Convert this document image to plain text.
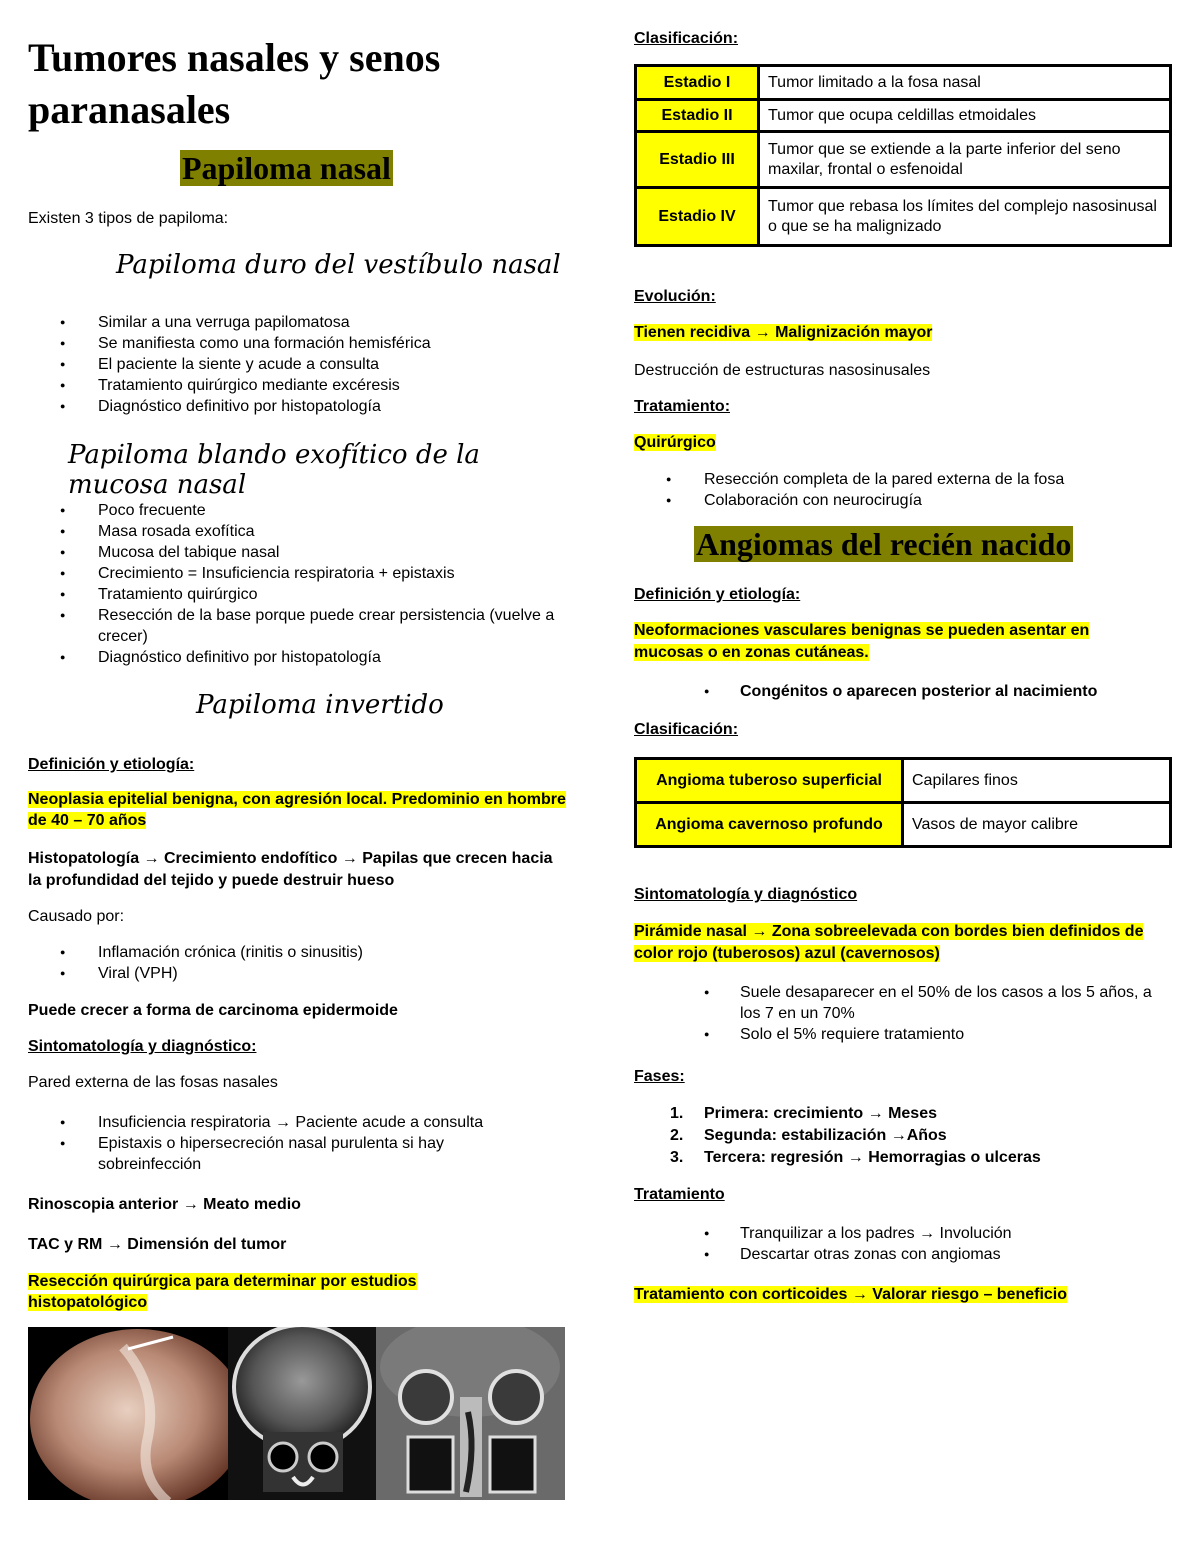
Tumores nasales y senos
paranasales
Papiloma nasal
Existen 3 tipos de papiloma:
Papiloma duro del vestíbulo nasal
● Similar a una verruga papilomatosa
● Se manifiesta como una formación hemisférica
● El paciente la siente y acude a consulta
● Tratamiento quirúrgico mediante excéresis
● Diagnóstico definitivo por histopatología
Papiloma blando exofítico de la mucosa nasal
● Poco frecuente
● Masa rosada exofítica
● Mucosa del tabique nasal
● Crecimiento = Insuficiencia respiratoria + epistaxis
● Tratamiento quirúrgico
● Resección de la base porque puede crear persistencia (vuelve a crecer)
● Diagnóstico definitivo por histopatología
Papiloma invertido
Definición y etiología:
Neoplasia epitelial benigna, con agresión local. Predominio en hombre de 40 – 70 años
Histopatología → Crecimiento endofítico → Papilas que crecen hacia la profundidad del tejido y puede destruir hueso
Causado por:
● Inflamación crónica (rinitis o sinusitis)
● Viral (VPH)
Puede crecer a forma de carcinoma epidermoide
Sintomatología y diagnóstico:
Pared externa de las fosas nasales
● Insuficiencia respiratoria → Paciente acude a consulta
● Epistaxis o hipersecreción nasal purulenta si hay sobreinfección
Rinoscopia anterior → Meato medio
TAC y RM → Dimensión del tumor
Resección quirúrgica para determinar por estudios histopatológico
Clasificación:
Estadio I	Tumor limitado a la fosa nasal
Estadio II	Tumor que ocupa celdillas etmoidales
Estadio III	Tumor que se extiende a la parte inferior del seno maxilar, frontal o esfenoidal
Estadio IV	Tumor que rebasa los límites del complejo nasosinusal o que se ha malignizado
Evolución:
Tienen recidiva → Malignización mayor
Destrucción de estructuras nasosinusales
Tratamiento:
Quirúrgico
● Resección completa de la pared externa de la fosa
● Colaboración con neurocirugía
Angiomas del recién nacido
Definición y etiología:
Neoformaciones vasculares benignas se pueden asentar en mucosas o en zonas cutáneas.
● Congénitos o aparecen posterior al nacimiento
Clasificación:
Angioma tuberoso superficial	Capilares finos
Angioma cavernoso profundo	Vasos de mayor calibre
Sintomatología y diagnóstico
Pirámide nasal → Zona sobreelevada con bordes bien definidos de color rojo (tuberosos) azul (cavernosos)
● Suele desaparecer en el 50% de los casos a los 5 años, a los 7 en un 70%
● Solo el 5% requiere tratamiento
Fases:
1. Primera: crecimiento → Meses
2. Segunda: estabilización →Años
3. Tercera: regresión → Hemorragias o ulceras
Tratamiento
● Tranquilizar a los padres → Involución
● Descartar otras zonas con angiomas
Tratamiento con corticoides → Valorar riesgo – beneficio
